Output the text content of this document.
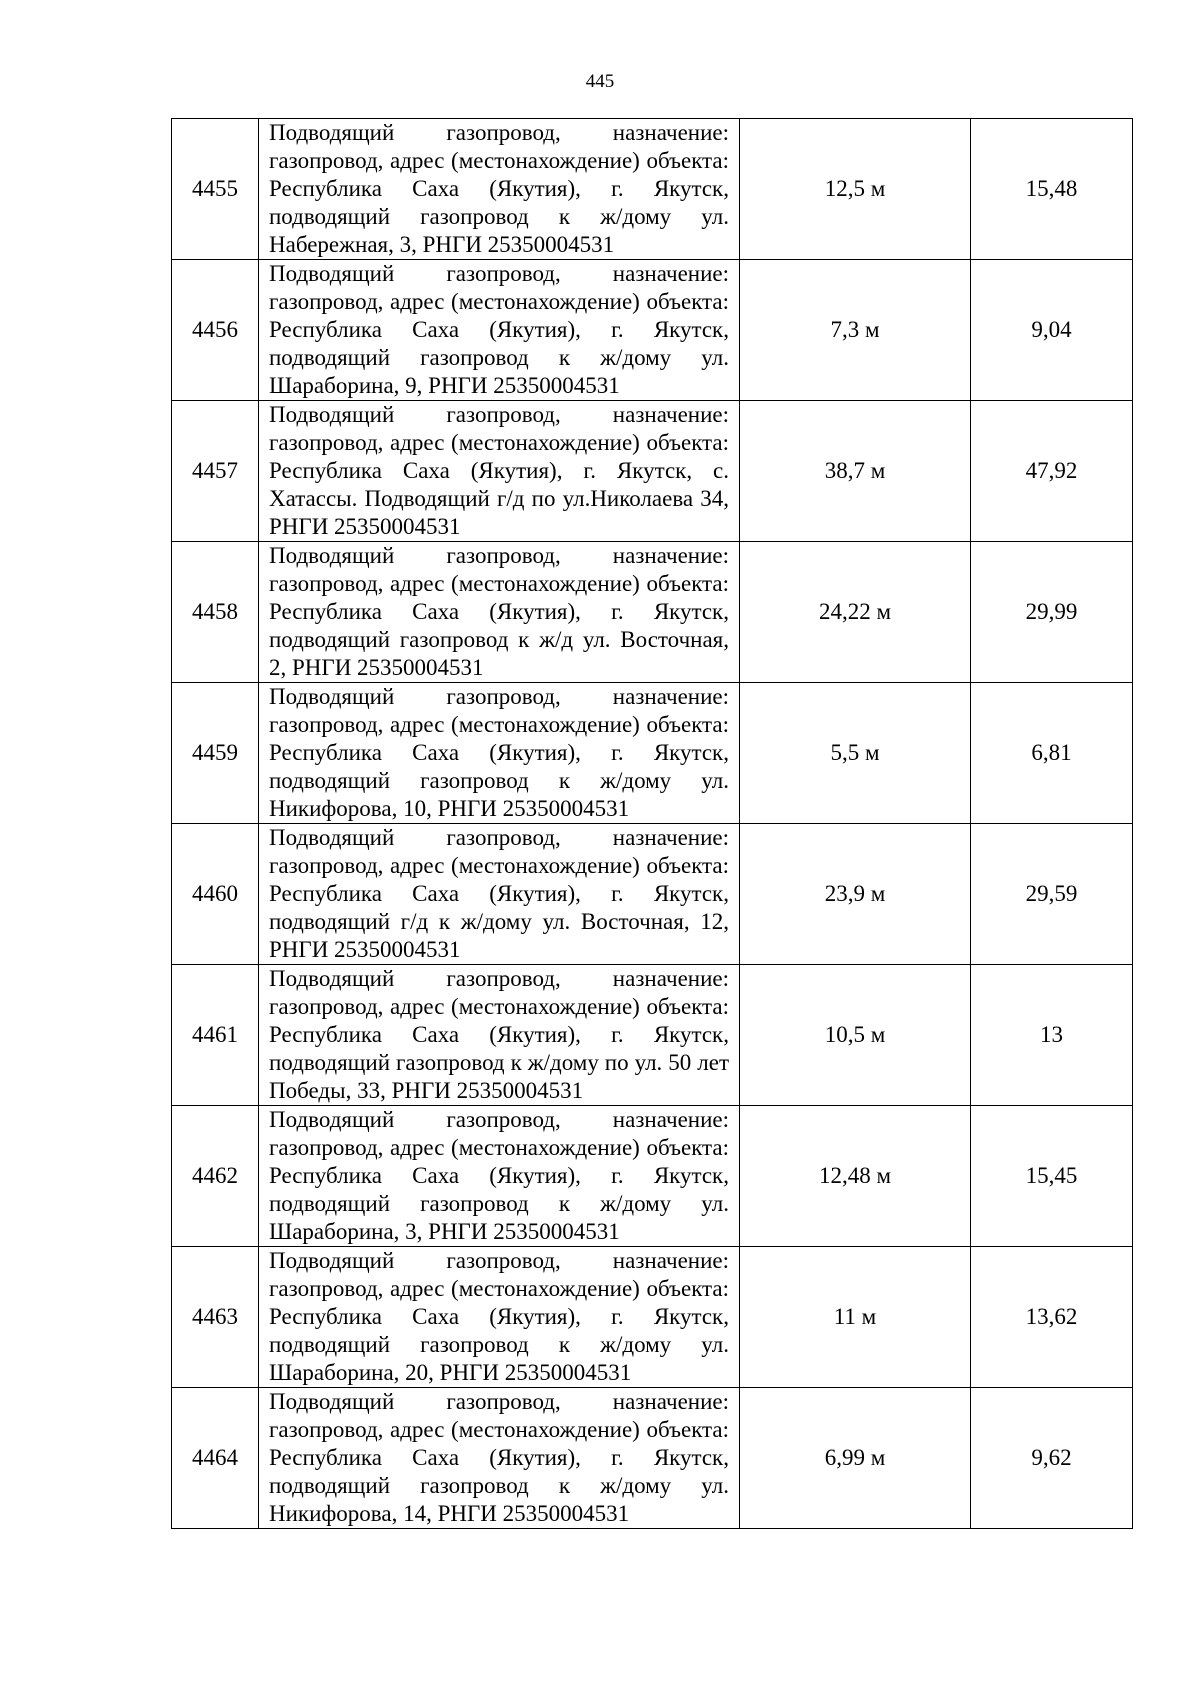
445
4455	Подводящий газопровод, назначение: газопровод, адрес (местонахождение) объекта: Республика Саха (Якутия), г. Якутск, подводящий газопровод к ж/дому ул. Набережная, 3, РНГИ 25350004531	12,5 м	15,48
4456	Подводящий газопровод, назначение: газопровод, адрес (местонахождение) объекта: Республика Саха (Якутия), г. Якутск, подводящий газопровод к ж/дому ул. Шараборина, 9, РНГИ 25350004531	7,3 м	9,04
4457	Подводящий газопровод, назначение: газопровод, адрес (местонахождение) объекта: Республика Саха (Якутия), г. Якутск, с. Хатассы. Подводящий г/д по ул.Николаева 34, РНГИ 25350004531	38,7 м	47,92
4458	Подводящий газопровод, назначение: газопровод, адрес (местонахождение) объекта: Республика Саха (Якутия), г. Якутск, подводящий газопровод к ж/д ул. Восточная, 2, РНГИ 25350004531	24,22 м	29,99
4459	Подводящий газопровод, назначение: газопровод, адрес (местонахождение) объекта: Республика Саха (Якутия), г. Якутск, подводящий газопровод к ж/дому ул. Никифорова, 10, РНГИ 25350004531	5,5 м	6,81
4460	Подводящий газопровод, назначение: газопровод, адрес (местонахождение) объекта: Республика Саха (Якутия), г. Якутск, подводящий г/д к ж/дому ул. Восточная, 12, РНГИ 25350004531	23,9 м	29,59
4461	Подводящий газопровод, назначение: газопровод, адрес (местонахождение) объекта: Республика Саха (Якутия), г. Якутск, подводящий газопровод к ж/дому по ул. 50 лет Победы, 33, РНГИ 25350004531	10,5 м	13
4462	Подводящий газопровод, назначение: газопровод, адрес (местонахождение) объекта: Республика Саха (Якутия), г. Якутск, подводящий газопровод к ж/дому ул. Шараборина, 3, РНГИ 25350004531	12,48 м	15,45
4463	Подводящий газопровод, назначение: газопровод, адрес (местонахождение) объекта: Республика Саха (Якутия), г. Якутск, подводящий газопровод к ж/дому ул. Шараборина, 20, РНГИ 25350004531	11 м	13,62
4464	Подводящий газопровод, назначение: газопровод, адрес (местонахождение) объекта: Республика Саха (Якутия), г. Якутск, подводящий газопровод к ж/дому ул. Никифорова, 14, РНГИ 25350004531	6,99 м	9,62
